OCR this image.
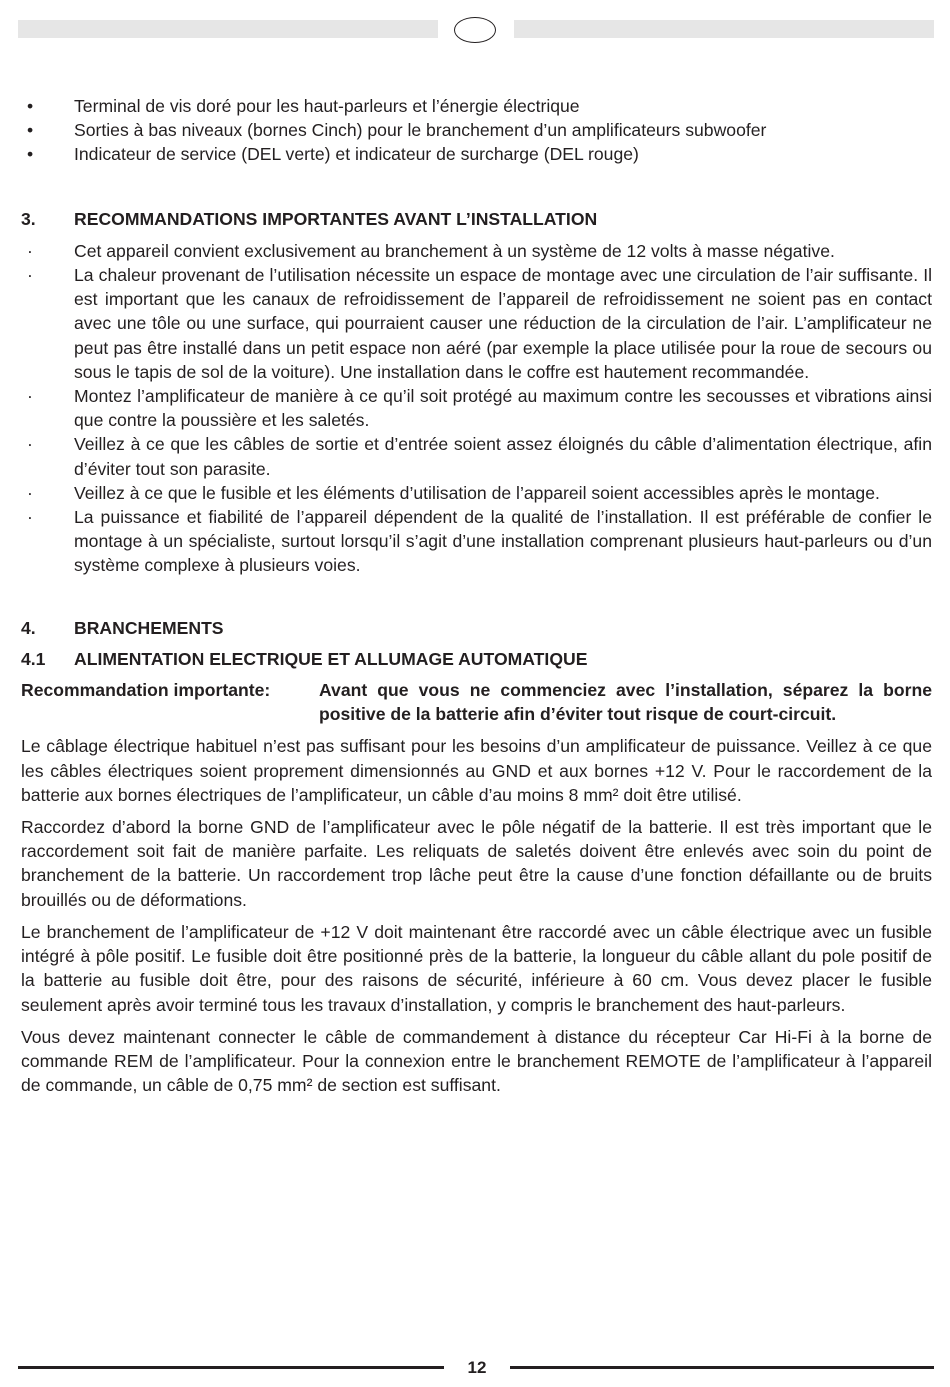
• Terminal de vis doré pour les haut-parleurs et l’énergie électrique
• Sorties à bas niveaux (bornes Cinch) pour le branchement d’un amplificateurs subwoofer
• Indicateur de service (DEL verte) et indicateur de surcharge (DEL rouge)
3. RECOMMANDATIONS IMPORTANTES AVANT L’INSTALLATION
· Cet appareil convient exclusivement au branchement à un système de 12 volts à masse négative.
· La chaleur provenant de l’utilisation nécessite un espace de montage avec une circulation de l’air suffisante. Il est important que les canaux de refroidissement de l’appareil de refroidissement ne soient pas en contact avec une tôle ou une surface, qui pourraient causer une réduction de la circulation de l’air. L’amplificateur ne peut pas être installé dans un petit espace non aéré (par exemple la place utilisée pour la roue de secours ou sous le tapis de sol de la voiture). Une installation dans le coffre est hautement recommandée.
· Montez l’amplificateur de manière à ce qu’il soit protégé au maximum contre les secousses et vibrations ainsi que contre la poussière et les saletés.
· Veillez à ce que les câbles de sortie et d’entrée soient assez éloignés du câble d’alimentation électrique, afin d’éviter tout son parasite.
· Veillez à ce que le fusible et les éléments d’utilisation de l’appareil soient accessibles après le montage.
· La puissance et fiabilité de l’appareil dépendent de la qualité de l’installation. Il est préférable de confier le montage à un spécialiste, surtout lorsqu’il s’agit d’une installation comprenant plusieurs haut-parleurs ou d’un système complexe à plusieurs voies.
4. BRANCHEMENTS
4.1 ALIMENTATION ELECTRIQUE ET ALLUMAGE AUTOMATIQUE
Recommandation importante:	Avant que vous ne commenciez avec l’installation, séparez la borne positive de la batterie afin d’éviter tout risque de court-circuit.

Le câblage électrique habituel n’est pas suffisant pour les besoins d’un amplificateur de puissance. Veillez à ce que les câbles électriques soient proprement dimensionnés au GND et aux bornes +12 V. Pour le raccordement de la batterie aux bornes électriques de l’amplificateur, un câble d’au moins 8 mm² doit être utilisé.

Raccordez d’abord la borne GND de l’amplificateur avec le pôle négatif de la batterie. Il est très important que le raccordement soit fait de manière parfaite. Les reliquats de saletés doivent être enlevés avec soin du point de branchement de la batterie. Un raccordement trop lâche peut être la cause d’une fonction défaillante ou de bruits brouillés ou de déformations.

Le branchement de l’amplificateur de +12 V doit maintenant être raccordé avec un câble électrique avec un fusible intégré à pôle positif. Le fusible doit être positionné près de la batterie, la longueur du câble allant du pole positif de la batterie au fusible doit être, pour des raisons de sécurité, inférieure à 60 cm. Vous devez placer le fusible seulement après avoir terminé tous les travaux d’installation, y compris le branchement des haut-parleurs.

Vous devez maintenant connecter le câble de commandement à distance du récepteur Car Hi-Fi à la borne de commande REM de l’amplificateur. Pour la connexion entre le branchement REMOTE de l’amplificateur à l’appareil de commande, un câble de 0,75 mm² de section est suffisant.

12
